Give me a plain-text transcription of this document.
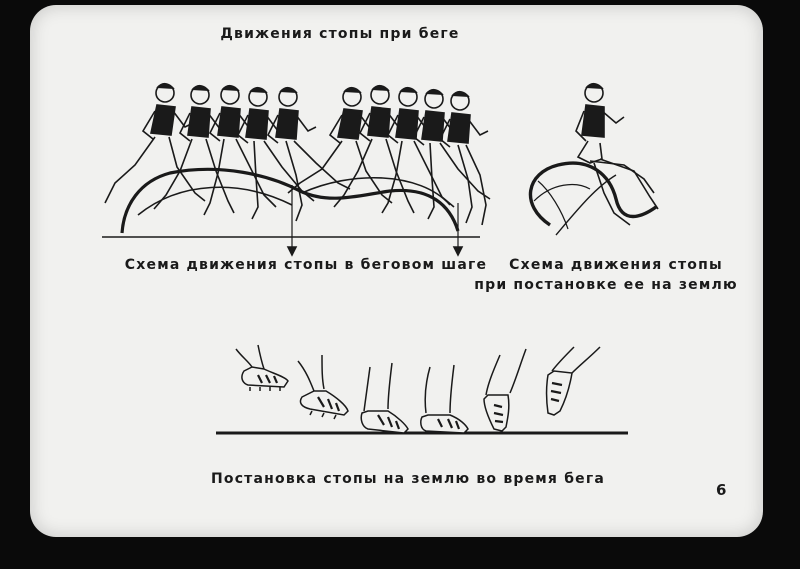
Движения стопы при беге
Схема движения стопы в беговом шаге Схема движения стопы
при постановке ее на землю
Постановка стопы на землю во время бега
6
